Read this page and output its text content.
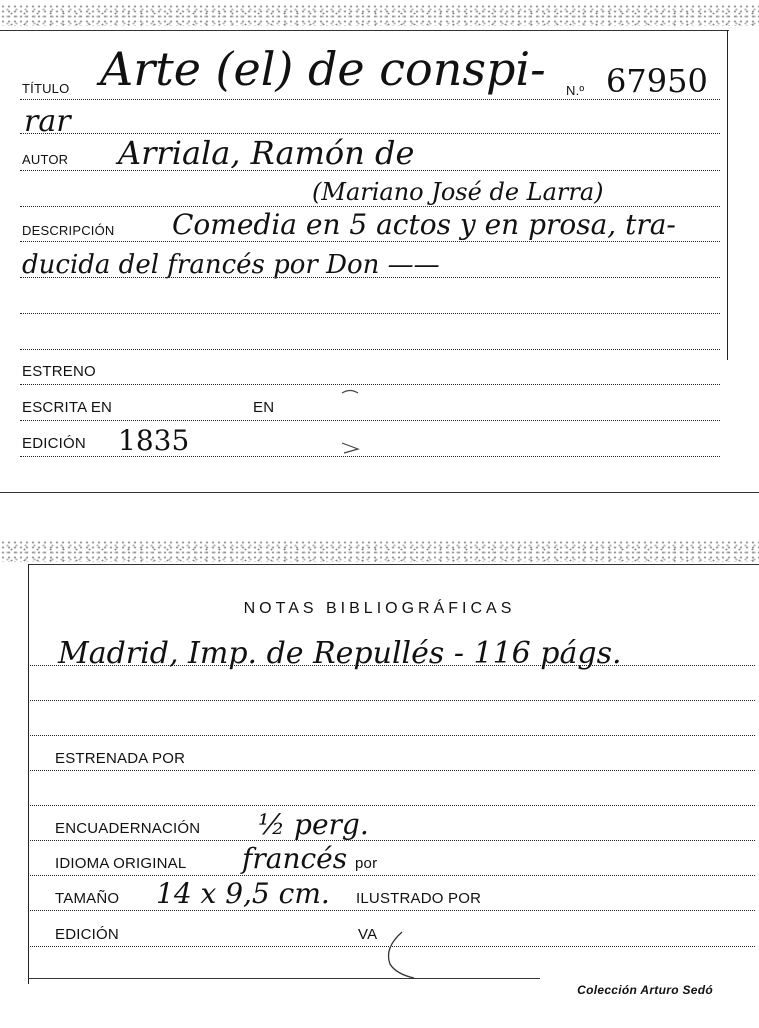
TÍTULO Arte (el) de conspi- N.º 67950
rar
AUTOR Arriala, Ramón de
(Mariano José de Larra)
DESCRIPCIÓN Comedia en 5 actos y en prosa, tra-
ducida del francés por Don ——
ESTRENO
ESCRITA EN	EN
EDICIÓN 1835
NOTAS BIBLIOGRÁFICAS
Madrid, Imp. de Repullés - 116 págs.
ESTRENADA POR
ENCUADERNACIÓN ½ perg.
IDIOMA ORIGINAL francés por
TAMAÑO 14 x 9,5 cm. ILUSTRADO POR
EDICIÓN	VA
Colección Arturo Sedó
